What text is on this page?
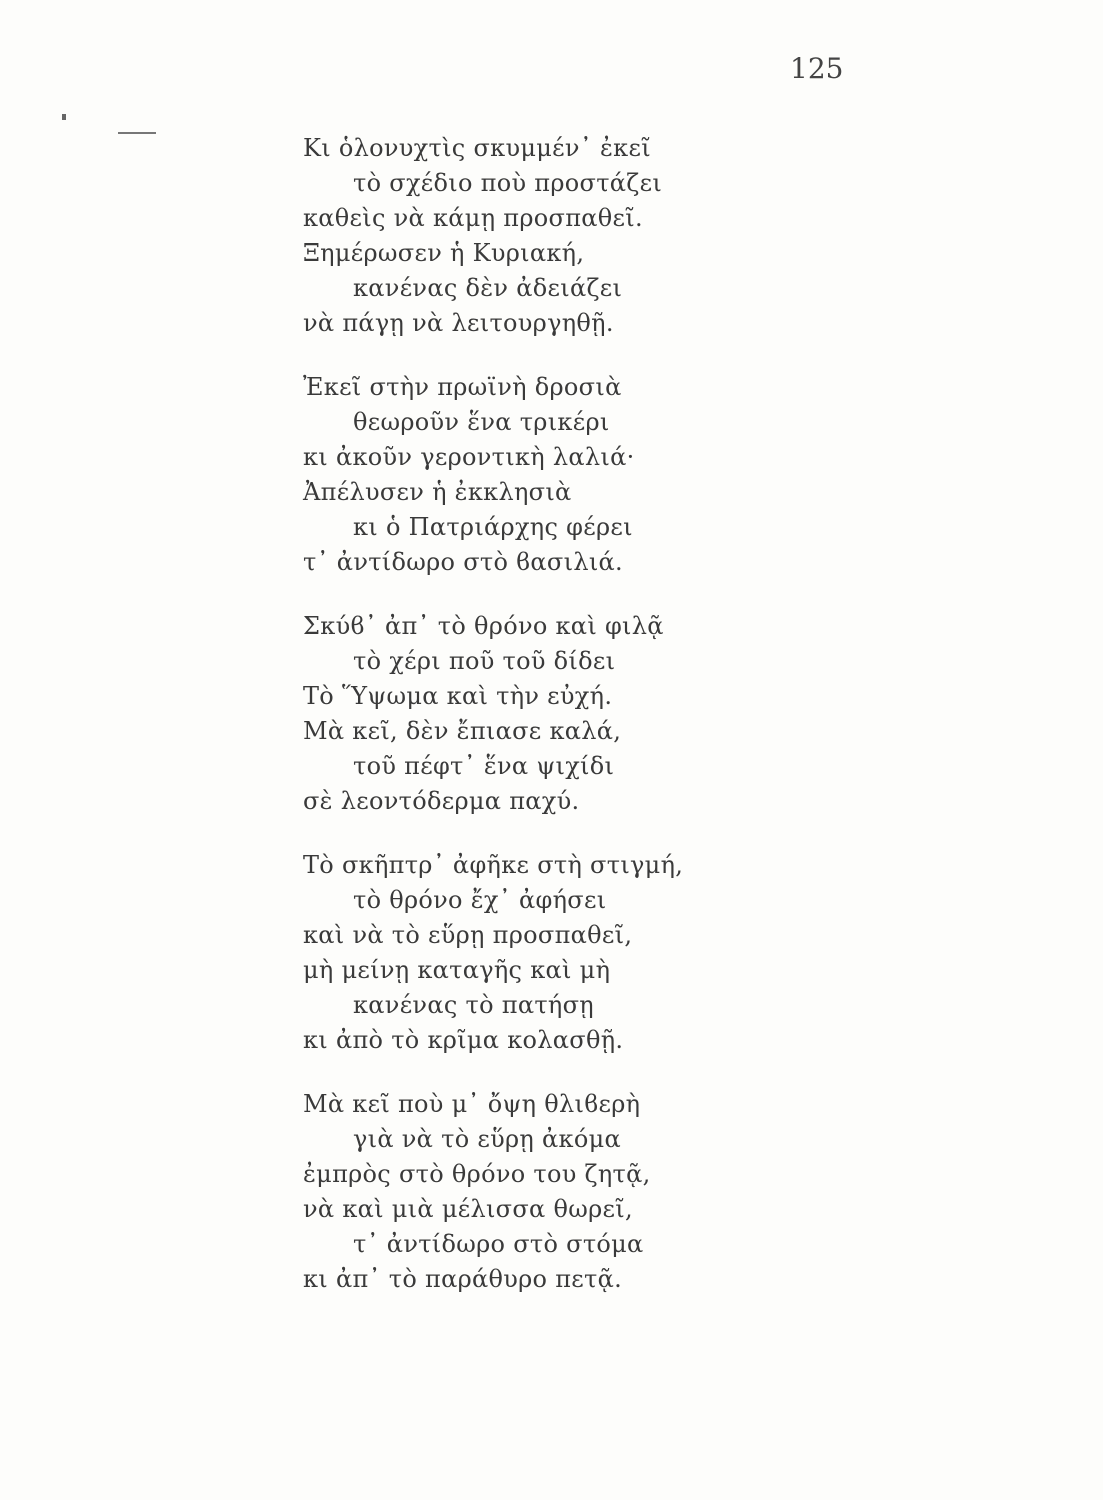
125
Κι ὁλονυχτὶς σκυμμέν᾽ ἐκεῖ
τὸ σχέδιο ποὺ προστάζει
καθεὶς νὰ κάμῃ προσπαθεῖ.
Ξημέρωσεν ἡ Κυριακή,
κανένας δὲν ἀδειάζει
νὰ πάγῃ νὰ λειτουργηθῇ.
Ἐκεῖ στὴν πρωϊνὴ δροσιὰ
θεωροῦν ἕνα τρικέρι
κι ἀκοῦν γεροντικὴ λαλιά·
Ἀπέλυσεν ἡ ἐκκλησιὰ
κι ὁ Πατριάρχης φέρει
τ᾽ ἀντίδωρο στὸ ϐασιλιά.
Σκύϐ᾽ ἀπ᾽ τὸ θρόνο καὶ φιλᾷ
τὸ χέρι ποῦ τοῦ δίδει
Τὸ Ὕψωμα καὶ τὴν εὐχή.
Μὰ κεῖ, δὲν ἔπιασε καλά,
τοῦ πέφτ᾽ ἕνα ψιχίδι
σὲ λεοντόδερμα παχύ.
Τὸ σκῆπτρ᾽ ἀφῆκε στὴ στιγμή,
τὸ θρόνο ἔχ᾽ ἀφήσει
καὶ νὰ τὸ εὕρῃ προσπαθεῖ,
μὴ μείνῃ καταγῆς καὶ μὴ
κανένας τὸ πατήσῃ
κι ἀπὸ τὸ κρῖμα κολασθῇ.
Μὰ κεῖ ποὺ μ᾽ ὄψη θλιϐερὴ
γιὰ νὰ τὸ εὕρῃ ἀκόμα
ἐμπρὸς στὸ θρόνο του ζητᾷ,
νὰ καὶ μιὰ μέλισσα θωρεῖ,
τ᾽ ἀντίδωρο στὸ στόμα
κι ἀπ᾽ τὸ παράθυρο πετᾷ.
